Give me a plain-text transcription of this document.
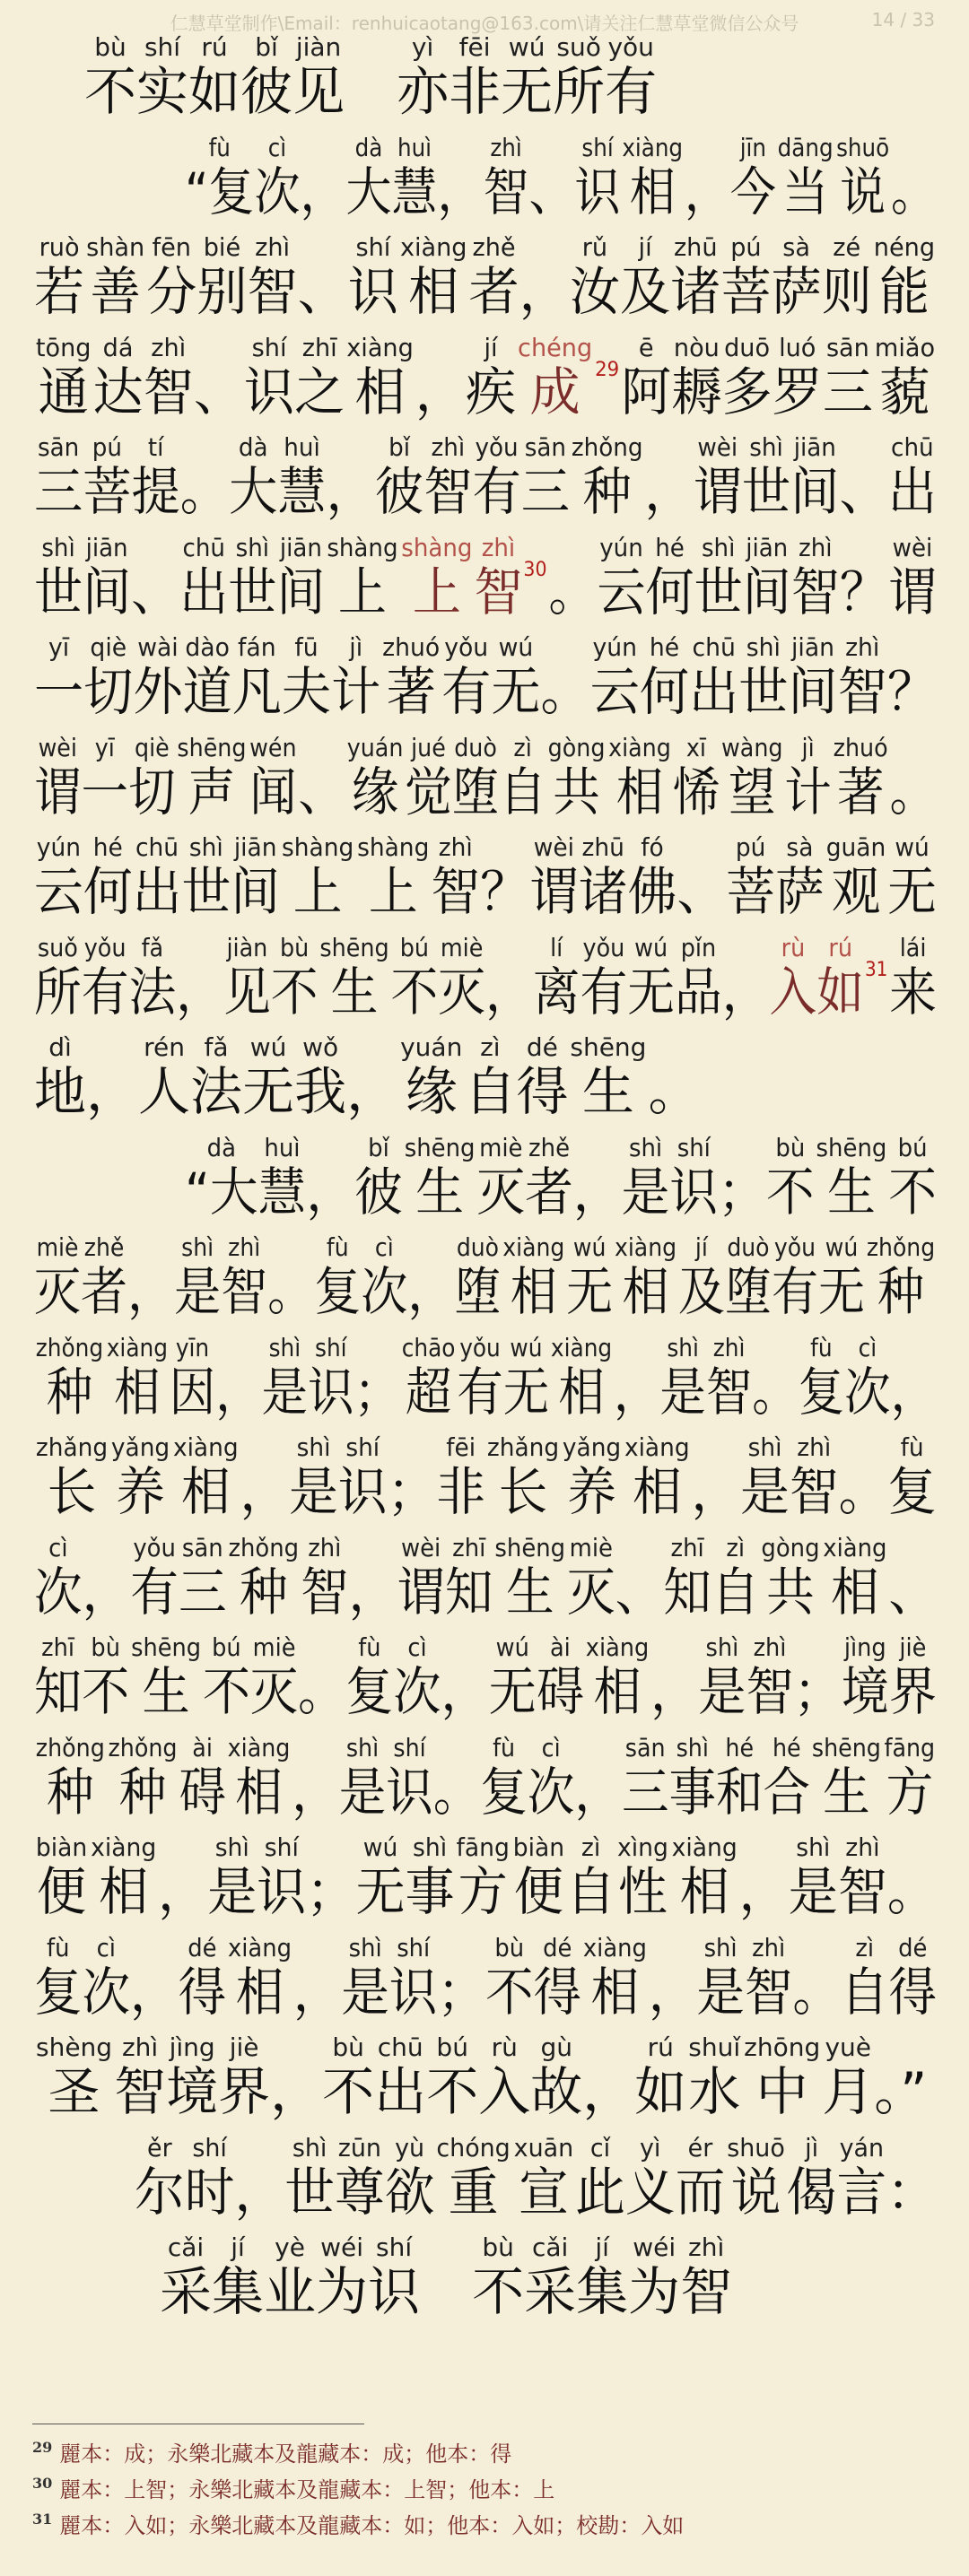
仁慧草堂制作\Email：renhuicaotang@163.com\请关注仁慧草堂微信公众号	14 / 33
不
bù
实
shí
如
rú
彼
bǐ
见
jiàn

亦
yì
非
fēi
无
wú
所
suǒ
有
yǒu
“复
fù
次
cì
， 大
dà
慧
huì
， 智
zhì
、 识
shí
相
xiàng
， 今
jīn
当
dāng
说
shuō
。
若
ruò
善
shàn
分
fēn
别
bié
智
zhì
、 识
shí
相
xiàng
者
zhě
， 汝
rǔ
及
jí
诸
zhū
菩
pú
萨
sà
则
zé
能
néng
通
tōng
达
dá
智
zhì
、 识
shí
之
zhī
相
xiàng
， 疾
jí
成
chéng
29 阿
ē
耨
nòu
多
duō
罗
luó
三
sān
藐
miǎo
三
sān
菩
pú
提
tí
。 大
dà
慧
huì
， 彼
bǐ
智
zhì
有
yǒu
三
sān
种
zhǒng
， 谓
wèi
世
shì
间
jiān
、 出
chū
世
shì
间
jiān
、 出
chū
世
shì
间
jiān
上
shàng
上
shàng
智
zhì
30 。 云
yún
何
hé
世
shì
间
jiān
智
zhì
？ 谓
wèi
一
yī
切
qiè
外
wài
道
dào
凡
fán
夫
fū
计
jì
著
zhuó
有
yǒu
无
wú
。 云
yún
何
hé
出
chū
世
shì
间
jiān
智
zhì
？
谓
wèi
一
yī
切
qiè
声
shēng
闻
wén
、 缘
yuán
觉
jué
堕
duò
自
zì
共
gòng
相
xiàng
悕
xī
望
wàng
计
jì
著
zhuó
。
云
yún
何
hé
出
chū
世
shì
间
jiān
上
shàng
上
shàng
智
zhì
？ 谓
wèi
诸
zhū
佛
fó
、 菩
pú
萨
sà
观
guān
无
wú
所
suǒ
有
yǒu
法
fǎ
， 见
jiàn
不
bù
生
shēng
不
bú
灭
miè
， 离
lí
有
yǒu
无
wú
品
pǐn
， 入
rù
如
rú
31 来
lái
地
dì
， 人
rén
法
fǎ
无
wú
我
wǒ
， 缘
yuán
自
zì
得
dé
生
shēng
。
“大
dà
慧
huì
， 彼
bǐ
生
shēng
灭
miè
者
zhě
， 是
shì
识
shí
； 不
bù
生
shēng
不
bú
灭
miè
者
zhě
， 是
shì
智
zhì
。 复
fù
次
cì
， 堕
duò
相
xiàng
无
wú
相
xiàng
及
jí
堕
duò
有
yǒu
无
wú
种
zhǒng
种
zhǒng
相
xiàng
因
yīn
， 是
shì
识
shí
； 超
chāo
有
yǒu
无
wú
相
xiàng
， 是
shì
智
zhì
。 复
fù
次
cì
，
长
zhǎng
养
yǎng
相
xiàng
， 是
shì
识
shí
； 非
fēi
长
zhǎng
养
yǎng
相
xiàng
， 是
shì
智
zhì
。 复
fù
次
cì
， 有
yǒu
三
sān
种
zhǒng
智
zhì
， 谓
wèi
知
zhī
生
shēng
灭
miè
、 知
zhī
自
zì
共
gòng
相
xiàng
、
知
zhī
不
bù
生
shēng
不
bú
灭
miè
。 复
fù
次
cì
， 无
wú
碍
ài
相
xiàng
， 是
shì
智
zhì
； 境
jìng
界
jiè
种
zhǒng
种
zhǒng
碍
ài
相
xiàng
， 是
shì
识
shí
。 复
fù
次
cì
， 三
sān
事
shì
和
hé
合
hé
生
shēng
方
fāng
便
biàn
相
xiàng
， 是
shì
识
shí
； 无
wú
事
shì
方
fāng
便
biàn
自
zì
性
xìng
相
xiàng
， 是
shì
智
zhì
。
复
fù
次
cì
， 得
dé
相
xiàng
， 是
shì
识
shí
； 不
bù
得
dé
相
xiàng
， 是
shì
智
zhì
。 自
zì
得
dé
圣
shèng
智
zhì
境
jìng
界
jiè
， 不
bù
出
chū
不
bú
入
rù
故
gù
， 如
rú
水
shuǐ
中
zhōng
月
yuè
。”
尔
ěr
时
shí
， 世
shì
尊
zūn
欲
yù
重
chóng
宣
xuān
此
cǐ
义
yì
而
ér
说
shuō
偈
jì
言
yán
：
采
cǎi
集
jí
业
yè
为
wéi
识
shí

不
bù
采
cǎi
集
jí
为
wéi
智
zhì
$^{29}$ 麗本：成；永樂北藏本及龍藏本：成；他本：得
$^{30}$ 麗本：上智；永樂北藏本及龍藏本：上智；他本：上
$^{31}$ 麗本：入如；永樂北藏本及龍藏本：如；他本：入如；校勘：入如
